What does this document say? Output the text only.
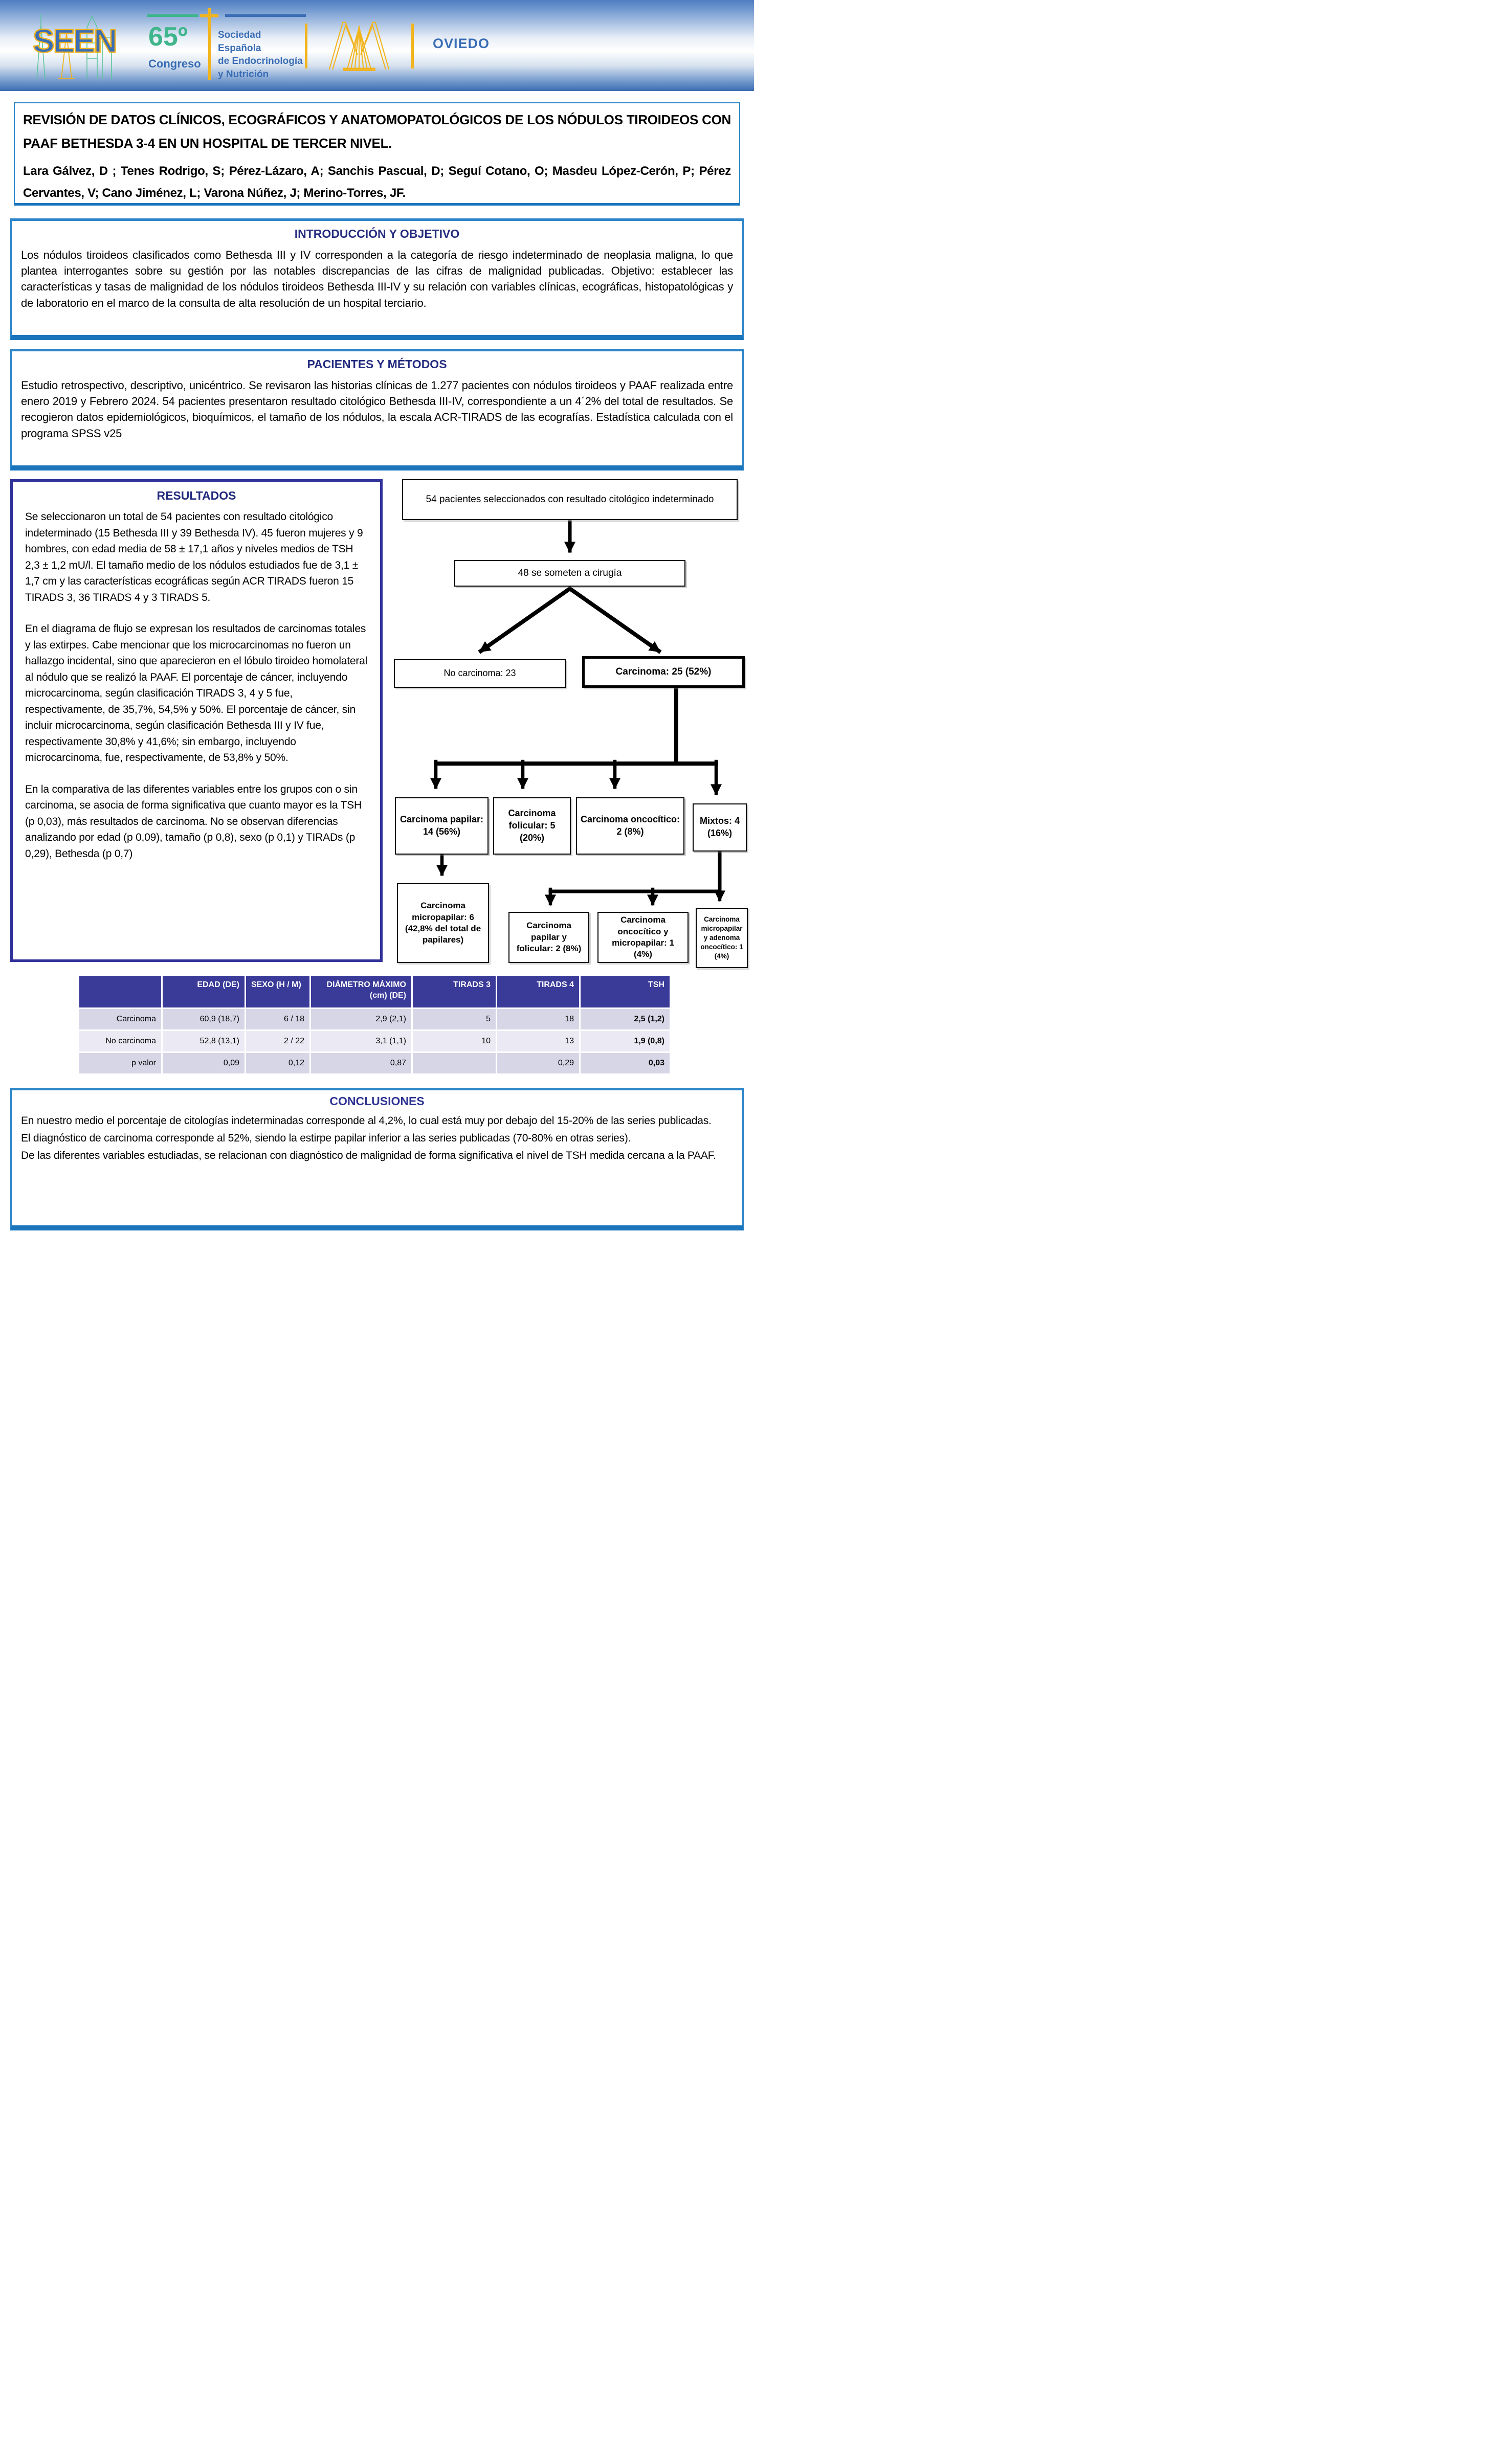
SEEN 65º
Congreso
Sociedad Española
de Endocrinología
y Nutrición
OVIEDO

REVISIÓN DE DATOS CLÍNICOS, ECOGRÁFICOS Y ANATOMOPATOLÓGICOS DE LOS NÓDULOS TIROIDEOS CON PAAF BETHESDA 3-4 EN UN HOSPITAL DE TERCER NIVEL.

Lara Gálvez, D ; Tenes Rodrigo, S; Pérez-Lázaro, A; Sanchis Pascual, D; Seguí Cotano, O; Masdeu López-Cerón, P; Pérez Cervantes, V; Cano Jiménez, L; Varona Núñez, J; Merino-Torres, JF.

INTRODUCCIÓN Y OBJETIVO

Los nódulos tiroideos clasificados como Bethesda III y IV corresponden a la categoría de riesgo indeterminado de neoplasia maligna, lo que plantea interrogantes sobre su gestión por las notables discrepancias de las cifras de malignidad publicadas. Objetivo: establecer las características y tasas de malignidad de los nódulos tiroideos Bethesda III-IV y su relación con variables clínicas, ecográficas, histopatológicas y de laboratorio en el marco de la consulta de alta resolución de un hospital terciario.

PACIENTES Y MÉTODOS

Estudio retrospectivo, descriptivo, unicéntrico. Se revisaron las historias clínicas de 1.277 pacientes con nódulos tiroideos y PAAF realizada entre enero 2019 y Febrero 2024. 54 pacientes presentaron resultado citológico Bethesda III-IV, correspondiente a un 4´2% del total de resultados. Se recogieron datos epidemiológicos, bioquímicos, el tamaño de los nódulos, la escala ACR-TIRADS de las ecografías. Estadística calculada con el programa SPSS v25

RESULTADOS

Se seleccionaron un total de 54 pacientes con resultado citológico indeterminado (15 Bethesda III y 39 Bethesda IV). 45 fueron mujeres y 9 hombres, con edad media de 58 ± 17,1 años y niveles medios de TSH 2,3 ± 1,2 mU/l. El tamaño medio de los nódulos estudiados fue de 3,1 ± 1,7 cm y las características ecográficas según ACR TIRADS fueron 15 TIRADS 3, 36 TIRADS 4 y 3 TIRADS 5.

En el diagrama de flujo se expresan los resultados de carcinomas totales y las extirpes. Cabe mencionar que los microcarcinomas no fueron un hallazgo incidental, sino que aparecieron en el lóbulo tiroideo homolateral al nódulo que se realizó la PAAF. El porcentaje de cáncer, incluyendo microcarcinoma, según clasificación TIRADS 3, 4 y 5 fue, respectivamente, de 35,7%, 54,5% y 50%. El porcentaje de cáncer, sin incluir microcarcinoma, según clasificación Bethesda III y IV fue, respectivamente 30,8% y 41,6%; sin embargo, incluyendo microcarcinoma, fue, respectivamente, de 53,8% y 50%.

En la comparativa de las diferentes variables entre los grupos con o sin carcinoma, se asocia de forma significativa que cuanto mayor es la TSH (p 0,03), más resultados de carcinoma. No se observan diferencias analizando por edad (p 0,09), tamaño (p 0,8), sexo (p 0,1) y TIRADs (p 0,29), Bethesda (p 0,7)

54 pacientes seleccionados con resultado citológico indeterminado
48 se someten a cirugía
No carcinoma: 23	Carcinoma: 25 (52%)
Carcinoma papilar: 14 (56%)
Carcinoma folicular: 5 (20%)
Carcinoma oncocítico: 2 (8%)
Mixtos: 4 (16%)
Carcinoma micropapilar: 6 (42,8% del total de papilares)
Carcinoma papilar y folicular: 2 (8%)
Carcinoma oncocítico y micropapilar: 1 (4%)
Carcinoma micropapilar y adenoma oncocítico: 1 (4%)
	EDAD (DE)	SEXO (H / M)	DIÁMETRO MÁXIMO (cm) (DE)	TIRADS 3	TIRADS 4	TSH
Carcinoma	60,9 (18,7)	6 / 18	2,9 (2,1)	5	18	2,5 (1,2)
No carcinoma	52,8 (13,1)	2 / 22	3,1 (1,1)	10	13	1,9 (0,8)
p valor	0,09	0,12	0,87		0,29	0,03
CONCLUSIONES

En nuestro medio el porcentaje de citologías indeterminadas corresponde al 4,2%, lo cual está muy por debajo del 15-20% de las series publicadas.

El diagnóstico de carcinoma corresponde al 52%, siendo la estirpe papilar inferior a las series publicadas (70-80% en otras series).

De las diferentes variables estudiadas, se relacionan con diagnóstico de malignidad de forma significativa el nivel de TSH medida cercana a la PAAF.
